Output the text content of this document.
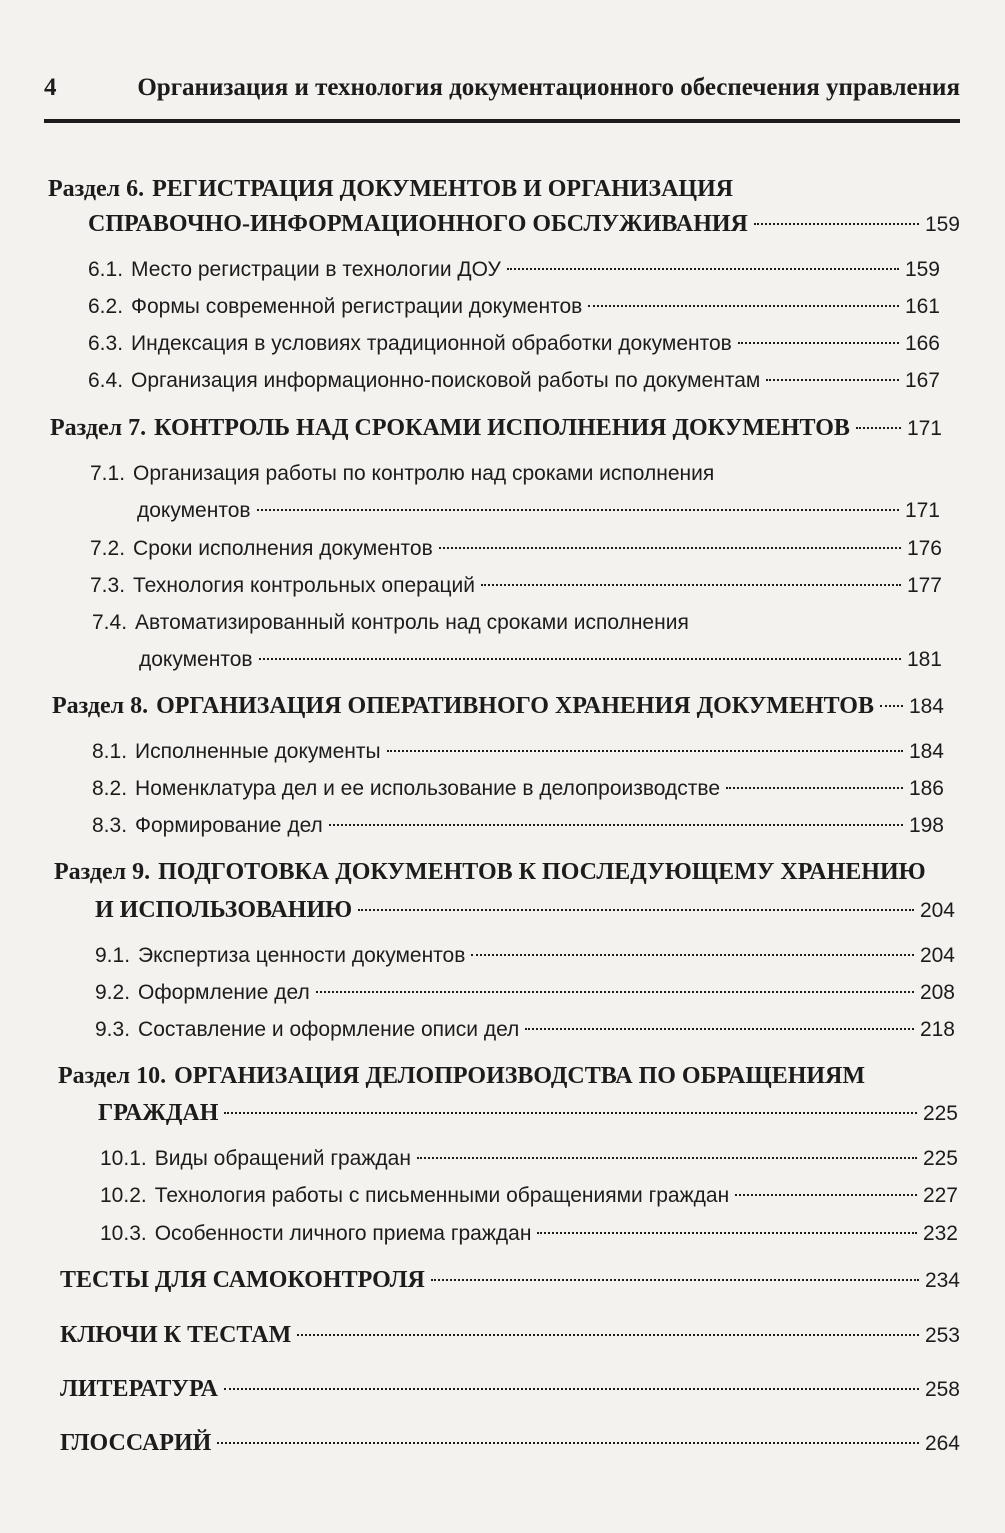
4	Организация и технология документационного обеспечения управления
Раздел 6. РЕГИСТРАЦИЯ ДОКУМЕНТОВ И ОРГАНИЗАЦИЯ
СПРАВОЧНО-ИНФОРМАЦИОННОГО ОБСЛУЖИВАНИЯ	159
6.1. Место регистрации в технологии ДОУ	159
6.2. Формы современной регистрации документов	161
6.3. Индексация в условиях традиционной обработки документов	166
6.4. Организация информационно-поисковой работы по документам	167
Раздел 7. КОНТРОЛЬ НАД СРОКАМИ ИСПОЛНЕНИЯ ДОКУМЕНТОВ	171
7.1. Организация работы по контролю над сроками исполнения
документов	171
7.2. Сроки исполнения документов	176
7.3. Технология контрольных операций	177
7.4. Автоматизированный контроль над сроками исполнения
документов	181
Раздел 8. ОРГАНИЗАЦИЯ ОПЕРАТИВНОГО ХРАНЕНИЯ ДОКУМЕНТОВ 184
8.1. Исполненные документы	184
8.2. Номенклатура дел и ее использование в делопроизводстве	186
8.3. Формирование дел	198
Раздел 9. ПОДГОТОВКА ДОКУМЕНТОВ К ПОСЛЕДУЮЩЕМУ ХРАНЕНИЮ
И ИСПОЛЬЗОВАНИЮ	204
9.1. Экспертиза ценности документов	204
9.2. Оформление дел	208
9.3. Составление и оформление описи дел	218
Раздел 10. ОРГАНИЗАЦИЯ ДЕЛОПРОИЗВОДСТВА ПО ОБРАЩЕНИЯМ
ГРАЖДАН	225
10.1. Виды обращений граждан	225
10.2. Технология работы с письменными обращениями граждан	227
10.3. Особенности личного приема граждан	232
ТЕСТЫ ДЛЯ САМОКОНТРОЛЯ	234
КЛЮЧИ К ТЕСТАМ	253
ЛИТЕРАТУРА	258
ГЛОССАРИЙ	264
